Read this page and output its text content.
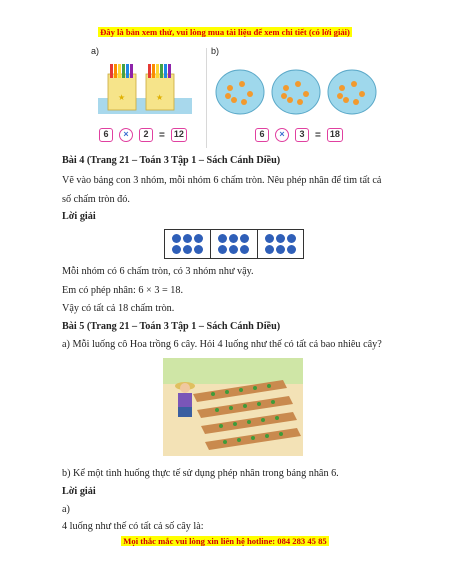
Đây là bản xem thử, vui lòng mua tài liệu để xem chi tiết (có lời giải)
a)	b)
★	★
6	×	2	= 12	6	×	3	= 18
Bài 4 (Trang 21 – Toán 3 Tập 1 – Sách Cánh Diều)
Vẽ vào bảng con 3 nhóm, mỗi nhóm 6 chấm tròn. Nêu phép nhân để tìm tất cả số chấm tròn đó.
Lời giải
Mỗi nhóm có 6 chấm tròn, có 3 nhóm như vậy.
Em có phép nhân: 6 × 3 = 18.
Vậy có tất cả 18 chấm tròn.
Bài 5 (Trang 21 – Toán 3 Tập 1 – Sách Cánh Diều)
a) Mỗi luống cô Hoa trồng 6 cây. Hỏi 4 luống như thế có tất cả bao nhiêu cây?
b) Kể một tình huống thực tế sử dụng phép nhân trong bảng nhân 6.
Lời giải
a)
4 luống như thế có tất cả số cây là:
Mọi thắc mắc vui lòng xin liên hệ hotline: 084 283 45 85
